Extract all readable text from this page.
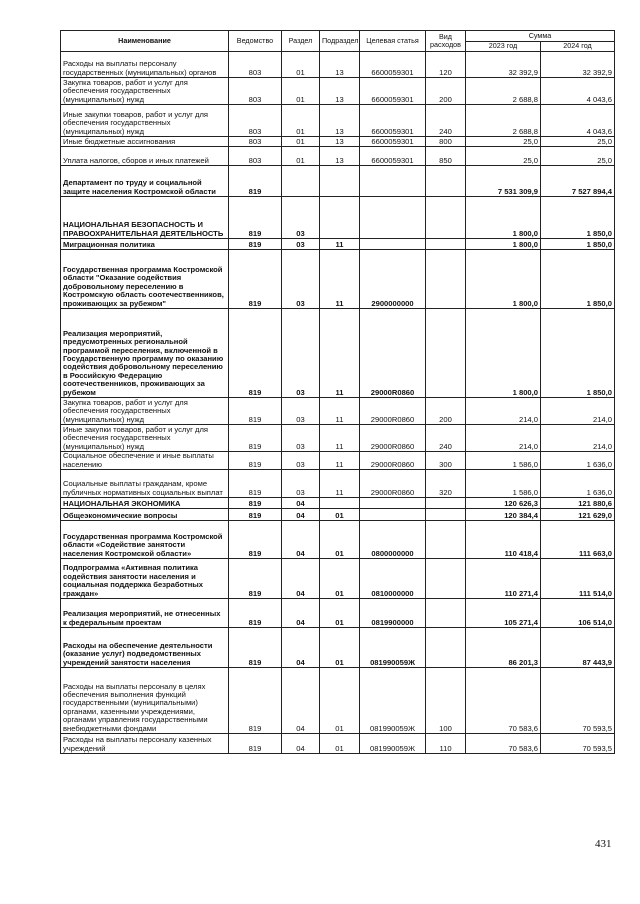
Наименование	Ведомство	Раздел	Подраздел	Целевая статья	Вид расходов	Сумма	
						2023 год	2024 год
Расходы на выплаты персоналу государственных (муниципальных) органов	803	01	13	6600059301	120	32 392,9	32 392,9
Закупка товаров, работ и услуг для обеспечения государственных (муниципальных) нужд	803	01	13	6600059301	200	2 688,8	4 043,6
Иные закупки товаров, работ и услуг для обеспечения государственных (муниципальных) нужд	803	01	13	6600059301	240	2 688,8	4 043,6
Иные бюджетные ассигнования	803	01	13	6600059301	800	25,0	25,0
Уплата налогов, сборов и иных платежей	803	01	13	6600059301	850	25,0	25,0
Департамент по труду и социальной защите населения Костромской области	819					7 531 309,9	7 527 894,4
НАЦИОНАЛЬНАЯ БЕЗОПАСНОСТЬ И ПРАВООХРАНИТЕЛЬНАЯ ДЕЯТЕЛЬНОСТЬ	819	03				1 800,0	1 850,0
Миграционная политика	819	03	11			1 800,0	1 850,0
Государственная программа Костромской области "Оказание содействия добровольному переселению в Костромскую область соотечественников, проживающих за рубежом"	819	03	11	2900000000		1 800,0	1 850,0
Реализация мероприятий, предусмотренных региональной программой переселения, включенной в Государственную программу по оказанию содействия добровольному переселению в Российскую Федерацию соотечественников, проживающих за рубежом	819	03	11	29000R0860		1 800,0	1 850,0
Закупка товаров, работ и услуг для обеспечения государственных (муниципальных) нужд	819	03	11	29000R0860	200	214,0	214,0
Иные закупки товаров, работ и услуг для обеспечения государственных (муниципальных) нужд	819	03	11	29000R0860	240	214,0	214,0
Социальное обеспечение и иные выплаты населению	819	03	11	29000R0860	300	1 586,0	1 636,0
Социальные выплаты гражданам, кроме публичных нормативных социальных выплат	819	03	11	29000R0860	320	1 586,0	1 636,0
НАЦИОНАЛЬНАЯ ЭКОНОМИКА	819	04				120 626,3	121 880,6
Общеэкономические вопросы	819	04	01			120 384,4	121 629,0
Государственная программа Костромской области «Содействие занятости населения Костромской области»	819	04	01	0800000000		110 418,4	111 663,0
Подпрограмма «Активная политика содействия занятости населения и социальная поддержка безработных граждан»	819	04	01	0810000000		110 271,4	111 514,0
Реализация мероприятий, не отнесенных к федеральным проектам	819	04	01	0819900000		105 271,4	106 514,0
Расходы на обеспечение деятельности (оказание услуг) подведомственных учреждений занятости населения	819	04	01	081990059Ж		86 201,3	87 443,9
Расходы на выплаты персоналу в целях обеспечения выполнения функций государственными (муниципальными) органами, казенными учреждениями, органами управления государственными внебюджетными фондами	819	04	01	081990059Ж	100	70 583,6	70 593,5
Расходы на выплаты персоналу казенных учреждений	819	04	01	081990059Ж	110	70 583,6	70 593,5
431
